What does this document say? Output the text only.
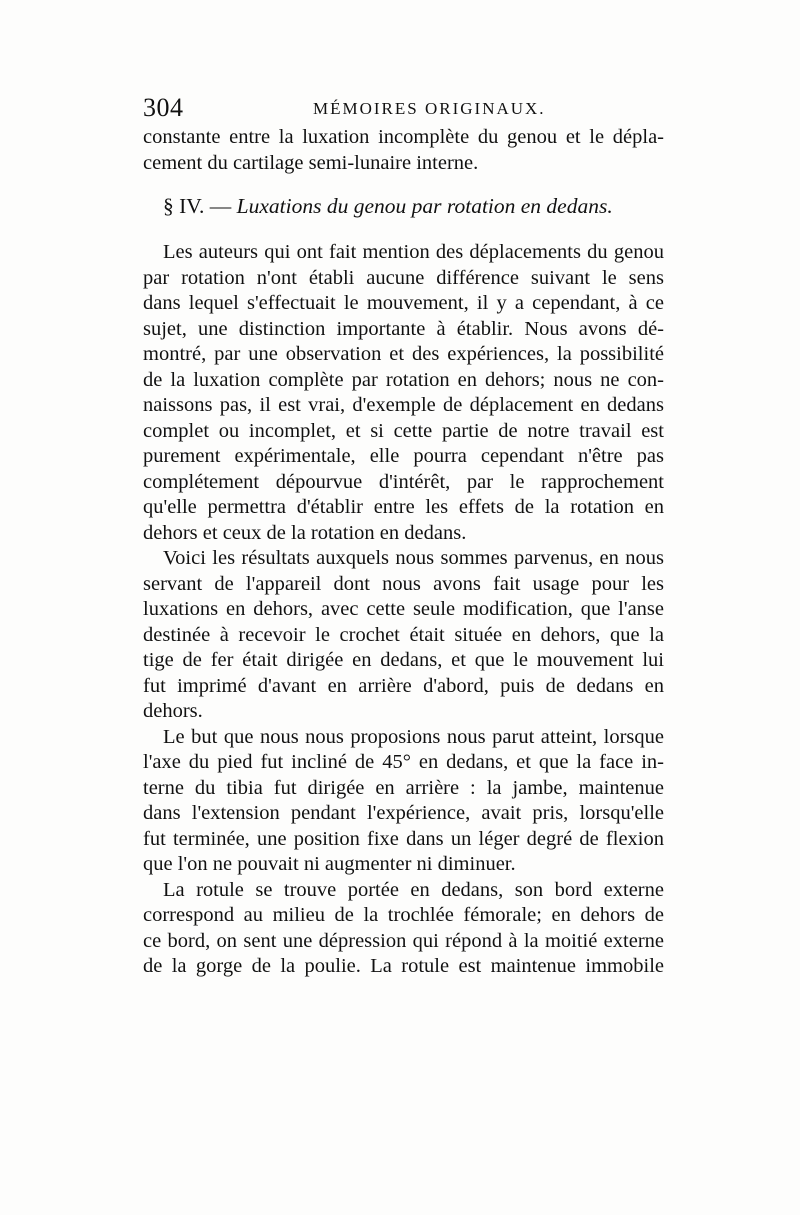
304	MÉMOIRES ORIGINAUX.
constante entre la luxation incomplète du genou et le dépla-
cement du cartilage semi-lunaire interne.
§ IV. — Luxations du genou par rotation en dedans.
Les auteurs qui ont fait mention des déplacements du genou
par rotation n'ont établi aucune différence suivant le sens
dans lequel s'effectuait le mouvement, il y a cependant, à ce
sujet, une distinction importante à établir. Nous avons dé-
montré, par une observation et des expériences, la possibilité
de la luxation complète par rotation en dehors; nous ne con-
naissons pas, il est vrai, d'exemple de déplacement en dedans
complet ou incomplet, et si cette partie de notre travail est
purement expérimentale, elle pourra cependant n'être pas
complétement dépourvue d'intérêt, par le rapprochement
qu'elle permettra d'établir entre les effets de la rotation en
dehors et ceux de la rotation en dedans.
Voici les résultats auxquels nous sommes parvenus, en nous
servant de l'appareil dont nous avons fait usage pour les
luxations en dehors, avec cette seule modification, que l'anse
destinée à recevoir le crochet était située en dehors, que la
tige de fer était dirigée en dedans, et que le mouvement lui
fut imprimé d'avant en arrière d'abord, puis de dedans en
dehors.
Le but que nous nous proposions nous parut atteint, lorsque
l'axe du pied fut incliné de 45° en dedans, et que la face in-
terne du tibia fut dirigée en arrière : la jambe, maintenue
dans l'extension pendant l'expérience, avait pris, lorsqu'elle
fut terminée, une position fixe dans un léger degré de flexion
que l'on ne pouvait ni augmenter ni diminuer.
La rotule se trouve portée en dedans, son bord externe
correspond au milieu de la trochlée fémorale; en dehors de
ce bord, on sent une dépression qui répond à la moitié externe
de la gorge de la poulie. La rotule est maintenue immobile
